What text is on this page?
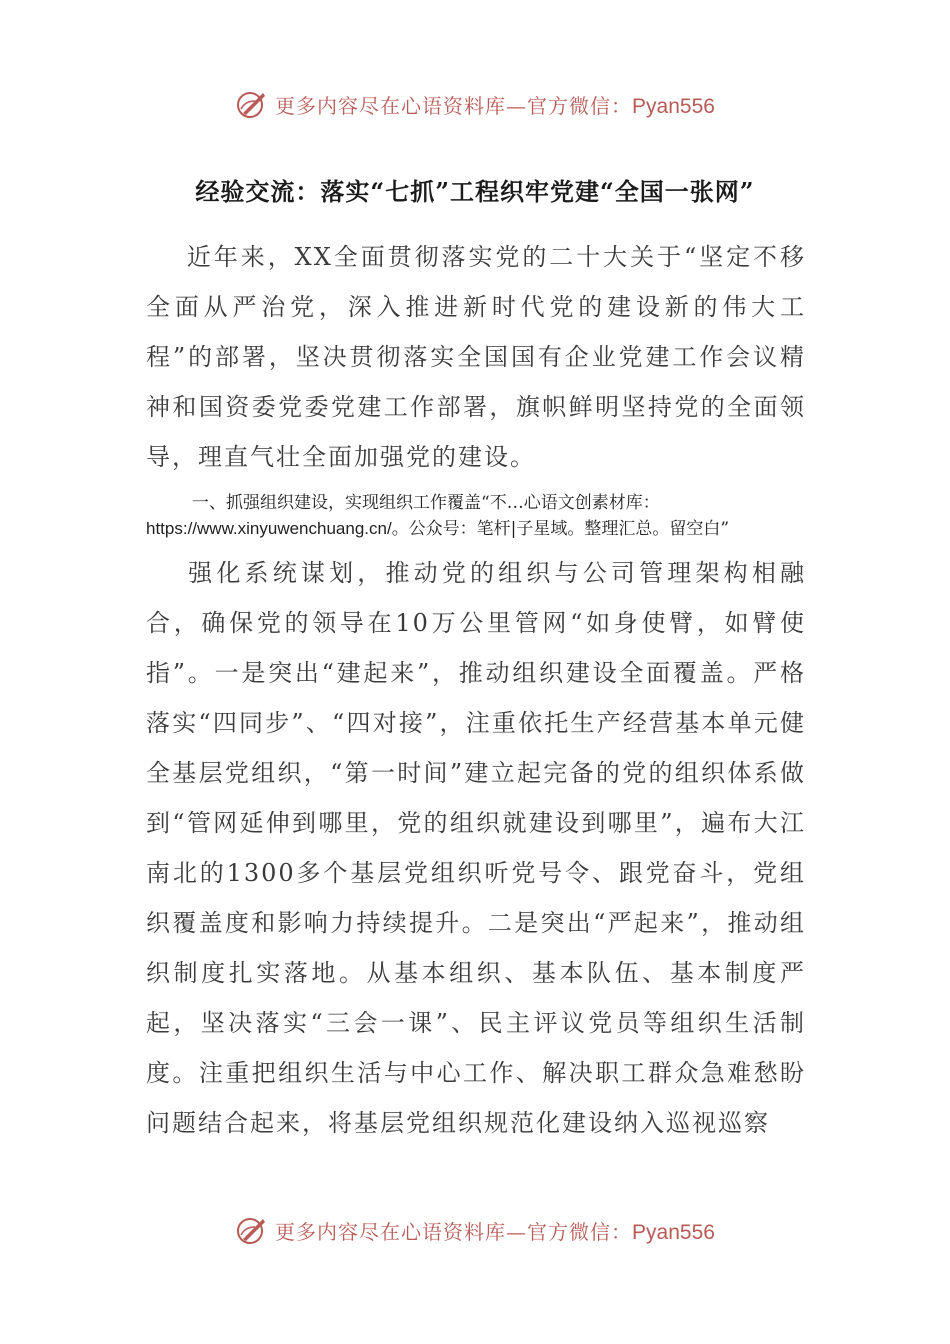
更多内容尽在心语资料库—官方微信：Pyan556
经验交流：落实“七抓”工程织牢党建“全国一张网”

近年来，XX全面贯彻落实党的二十大关于“坚定不移全面从严治党，深入推进新时代党的建设新的伟大工程”的部署，坚决贯彻落实全国国有企业党建工作会议精神和国资委党委党建工作部署，旗帜鲜明坚持党的全面领导，理直气壮全面加强党的建设。

一、抓强组织建设，实现组织工作覆盖“不…心语文创素材库：https://www.xinyuwenchuang.cn/。公众号：笔杆|子星域。整理汇总。留空白”

强化系统谋划，推动党的组织与公司管理架构相融合，确保党的领导在10万公里管网“如身使臂，如臂使指”。一是突出“建起来”，推动组织建设全面覆盖。严格落实“四同步”、“四对接”，注重依托生产经营基本单元健全基层党组织，“第一时间”建立起完备的党的组织体系做到“管网延伸到哪里，党的组织就建设到哪里”，遍布大江南北的1300多个基层党组织听党号令、跟党奋斗，党组织覆盖度和影响力持续提升。二是突出“严起来”，推动组织制度扎实落地。从基本组织、基本队伍、基本制度严起，坚决落实“三会一课”、民主评议党员等组织生活制度。注重把组织生活与中心工作、解决职工群众急难愁盼问题结合起来，将基层党组织规范化建设纳入巡视巡察

更多内容尽在心语资料库—官方微信：Pyan556
